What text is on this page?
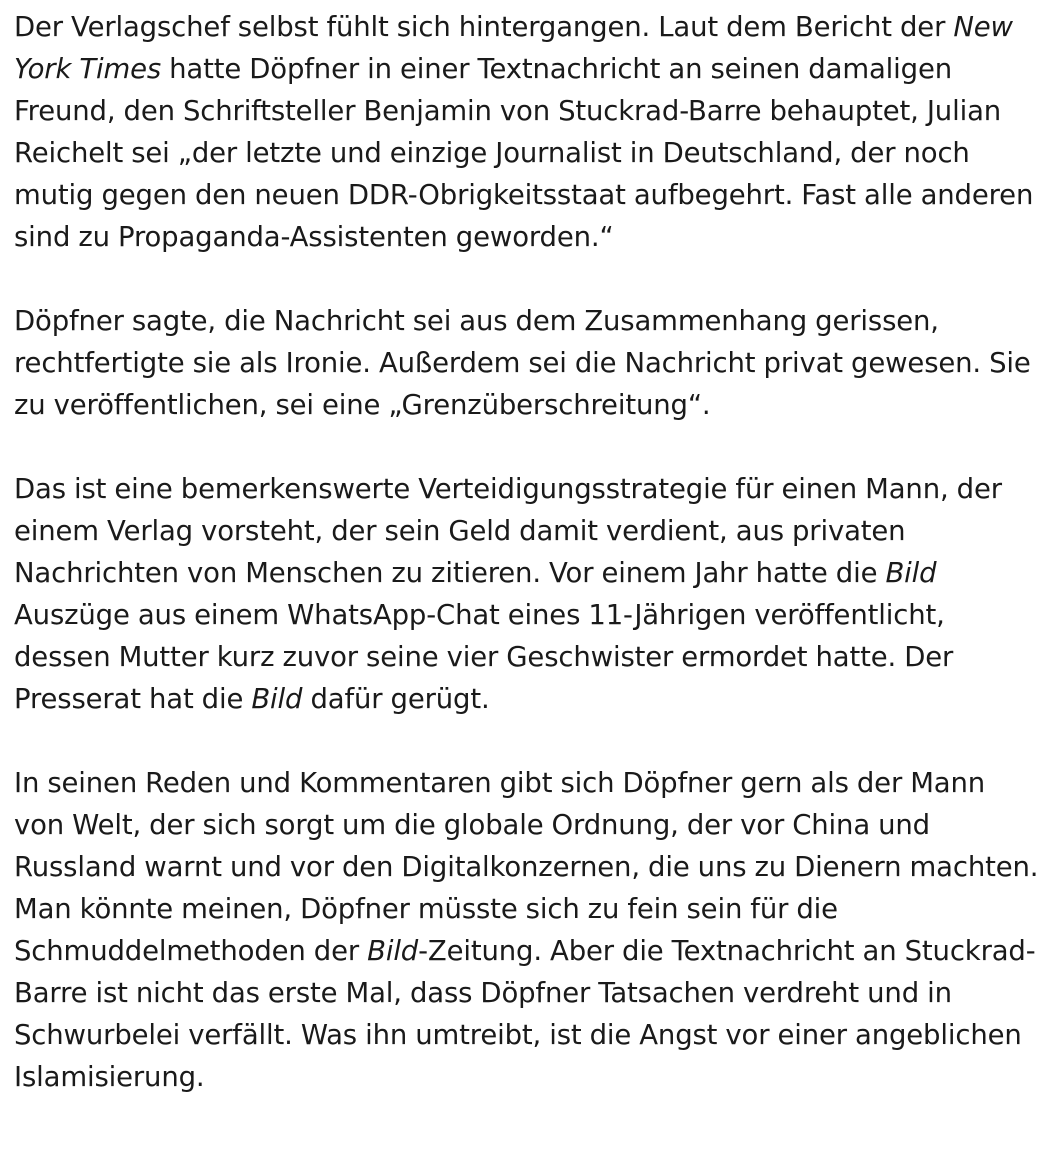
Der Verlagschef selbst fühlt sich hintergangen. Laut dem Bericht der New York Times hatte Döpfner in einer Textnachricht an seinen damaligen Freund, den Schriftsteller Benjamin von Stuckrad-Barre behauptet, Julian Reichelt sei „der letzte und einzige Journalist in Deutschland, der noch mutig gegen den neuen DDR-Obrigkeitsstaat aufbegehrt. Fast alle anderen sind zu Propaganda-Assistenten geworden.“

Döpfner sagte, die Nachricht sei aus dem Zusammenhang gerissen, rechtfertigte sie als Ironie. Außerdem sei die Nachricht privat gewesen. Sie zu veröffentlichen, sei eine „Grenzüberschreitung“.

Das ist eine bemerkenswerte Verteidigungsstrategie für einen Mann, der einem Verlag vorsteht, der sein Geld damit verdient, aus privaten Nachrichten von Menschen zu zitieren. Vor einem Jahr hatte die Bild Auszüge aus einem WhatsApp-Chat eines 11-Jährigen veröffentlicht, dessen Mutter kurz zuvor seine vier Geschwister ermordet hatte. Der Presserat hat die Bild dafür gerügt.

In seinen Reden und Kommentaren gibt sich Döpfner gern als der Mann von Welt, der sich sorgt um die globale Ordnung, der vor China und Russland warnt und vor den Digitalkonzernen, die uns zu Dienern machten. Man könnte meinen, Döpfner müsste sich zu fein sein für die Schmuddelmethoden der Bild-Zeitung. Aber die Textnachricht an Stuckrad-Barre ist nicht das erste Mal, dass Döpfner Tatsachen verdreht und in Schwurbelei verfällt. Was ihn umtreibt, ist die Angst vor einer angeblichen Islamisierung.
